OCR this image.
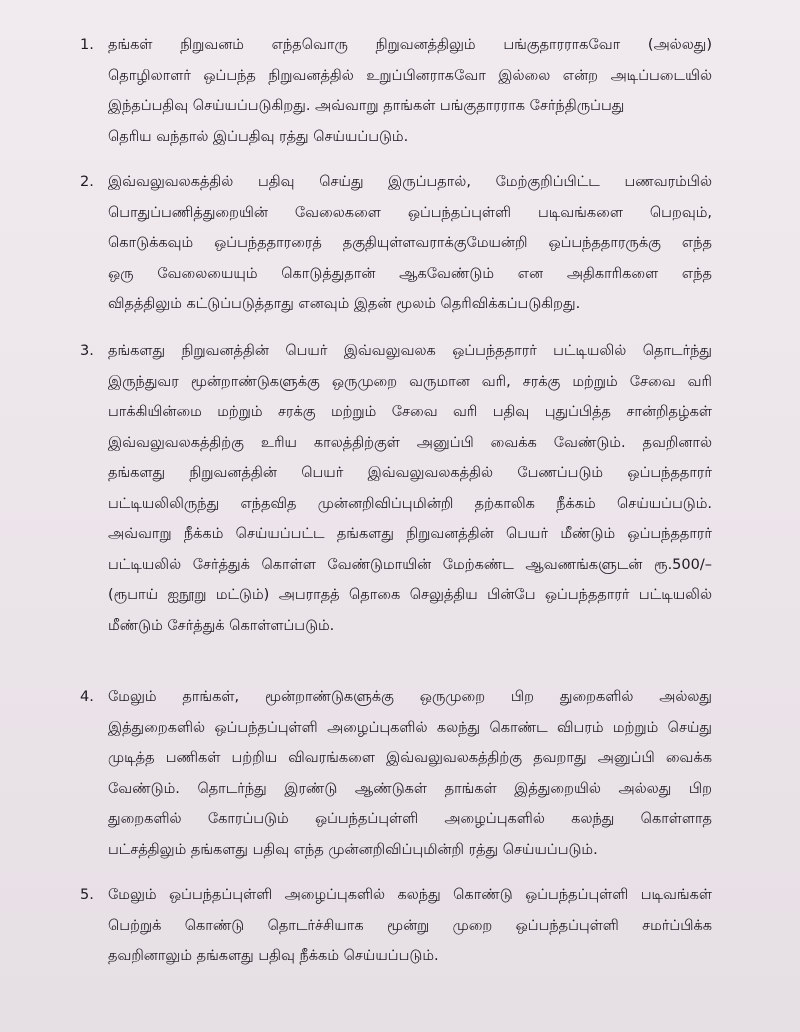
1. தங்கள் நிறுவனம் எந்தவொரு நிறுவனத்திலும் பங்குதாரராகவோ (அல்லது)
தொழிலாளர் ஒப்பந்த நிறுவனத்தில் உறுப்பினராகவோ இல்லை என்ற அடிப்படையில்
இந்தப்பதிவு செய்யப்படுகிறது. அவ்வாறு தாங்கள் பங்குதாரராக சேர்ந்திருப்பது
தெரிய வந்தால் இப்பதிவு ரத்து செய்யப்படும்.
2. இவ்வலுவலகத்தில் பதிவு செய்து இருப்பதால், மேற்குறிப்பிட்ட பணவரம்பில்
பொதுப்பணித்துறையின் வேலைகளை ஒப்பந்தப்புள்ளி படிவங்களை பெறவும்,
கொடுக்கவும் ஒப்பந்ததாரரைத் தகுதியுள்ளவராக்குமேயன்றி ஒப்பந்ததாரருக்கு எந்த
ஒரு வேலையையும் கொடுத்துதான் ஆகவேண்டும் என அதிகாரிகளை எந்த
விதத்திலும் கட்டுப்படுத்தாது எனவும் இதன் மூலம் தெரிவிக்கப்படுகிறது.
3. தங்களது நிறுவனத்தின் பெயர் இவ்வலுவலக ஒப்பந்ததாரர் பட்டியலில் தொடர்ந்து
இருந்துவர மூன்றாண்டுகளுக்கு ஒருமுறை வருமான வரி, சரக்கு மற்றும் சேவை வரி
பாக்கியின்மை மற்றும் சரக்கு மற்றும் சேவை வரி பதிவு புதுப்பித்த சான்றிதழ்கள்
இவ்வலுவலகத்திற்கு உரிய காலத்திற்குள் அனுப்பி வைக்க வேண்டும். தவறினால்
தங்களது நிறுவனத்தின் பெயர் இவ்வலுவலகத்தில் பேணப்படும் ஒப்பந்ததாரர்
பட்டியலிலிருந்து எந்தவித முன்னறிவிப்புமின்றி தற்காலிக நீக்கம் செய்யப்படும்.
அவ்வாறு நீக்கம் செய்யப்பட்ட தங்களது நிறுவனத்தின் பெயர் மீண்டும் ஒப்பந்ததாரர்
பட்டியலில் சேர்த்துக் கொள்ள வேண்டுமாயின் மேற்கண்ட ஆவணங்களுடன் ரூ.500/–
(ரூபாய் ஐநூறு மட்டும்) அபராதத் தொகை செலுத்திய பின்பே ஒப்பந்ததாரர் பட்டியலில்
மீண்டும் சேர்த்துக் கொள்ளப்படும்.
4. மேலும் தாங்கள், மூன்றாண்டுகளுக்கு ஒருமுறை பிற துறைகளில் அல்லது
இத்துறைகளில் ஒப்பந்தப்புள்ளி அழைப்புகளில் கலந்து கொண்ட விபரம் மற்றும் செய்து
முடித்த பணிகள் பற்றிய விவரங்களை இவ்வலுவலகத்திற்கு தவறாது அனுப்பி வைக்க
வேண்டும். தொடர்ந்து இரண்டு ஆண்டுகள் தாங்கள் இத்துறையில் அல்லது பிற
துறைகளில் கோரப்படும் ஒப்பந்தப்புள்ளி அழைப்புகளில் கலந்து கொள்ளாத
பட்சத்திலும் தங்களது பதிவு எந்த முன்னறிவிப்புமின்றி ரத்து செய்யப்படும்.
5. மேலும் ஒப்பந்தப்புள்ளி அழைப்புகளில் கலந்து கொண்டு ஒப்பந்தப்புள்ளி படிவங்கள்
பெற்றுக் கொண்டு தொடர்ச்சியாக மூன்று முறை ஒப்பந்தப்புள்ளி சமர்ப்பிக்க
தவறினாலும் தங்களது பதிவு நீக்கம் செய்யப்படும்.
